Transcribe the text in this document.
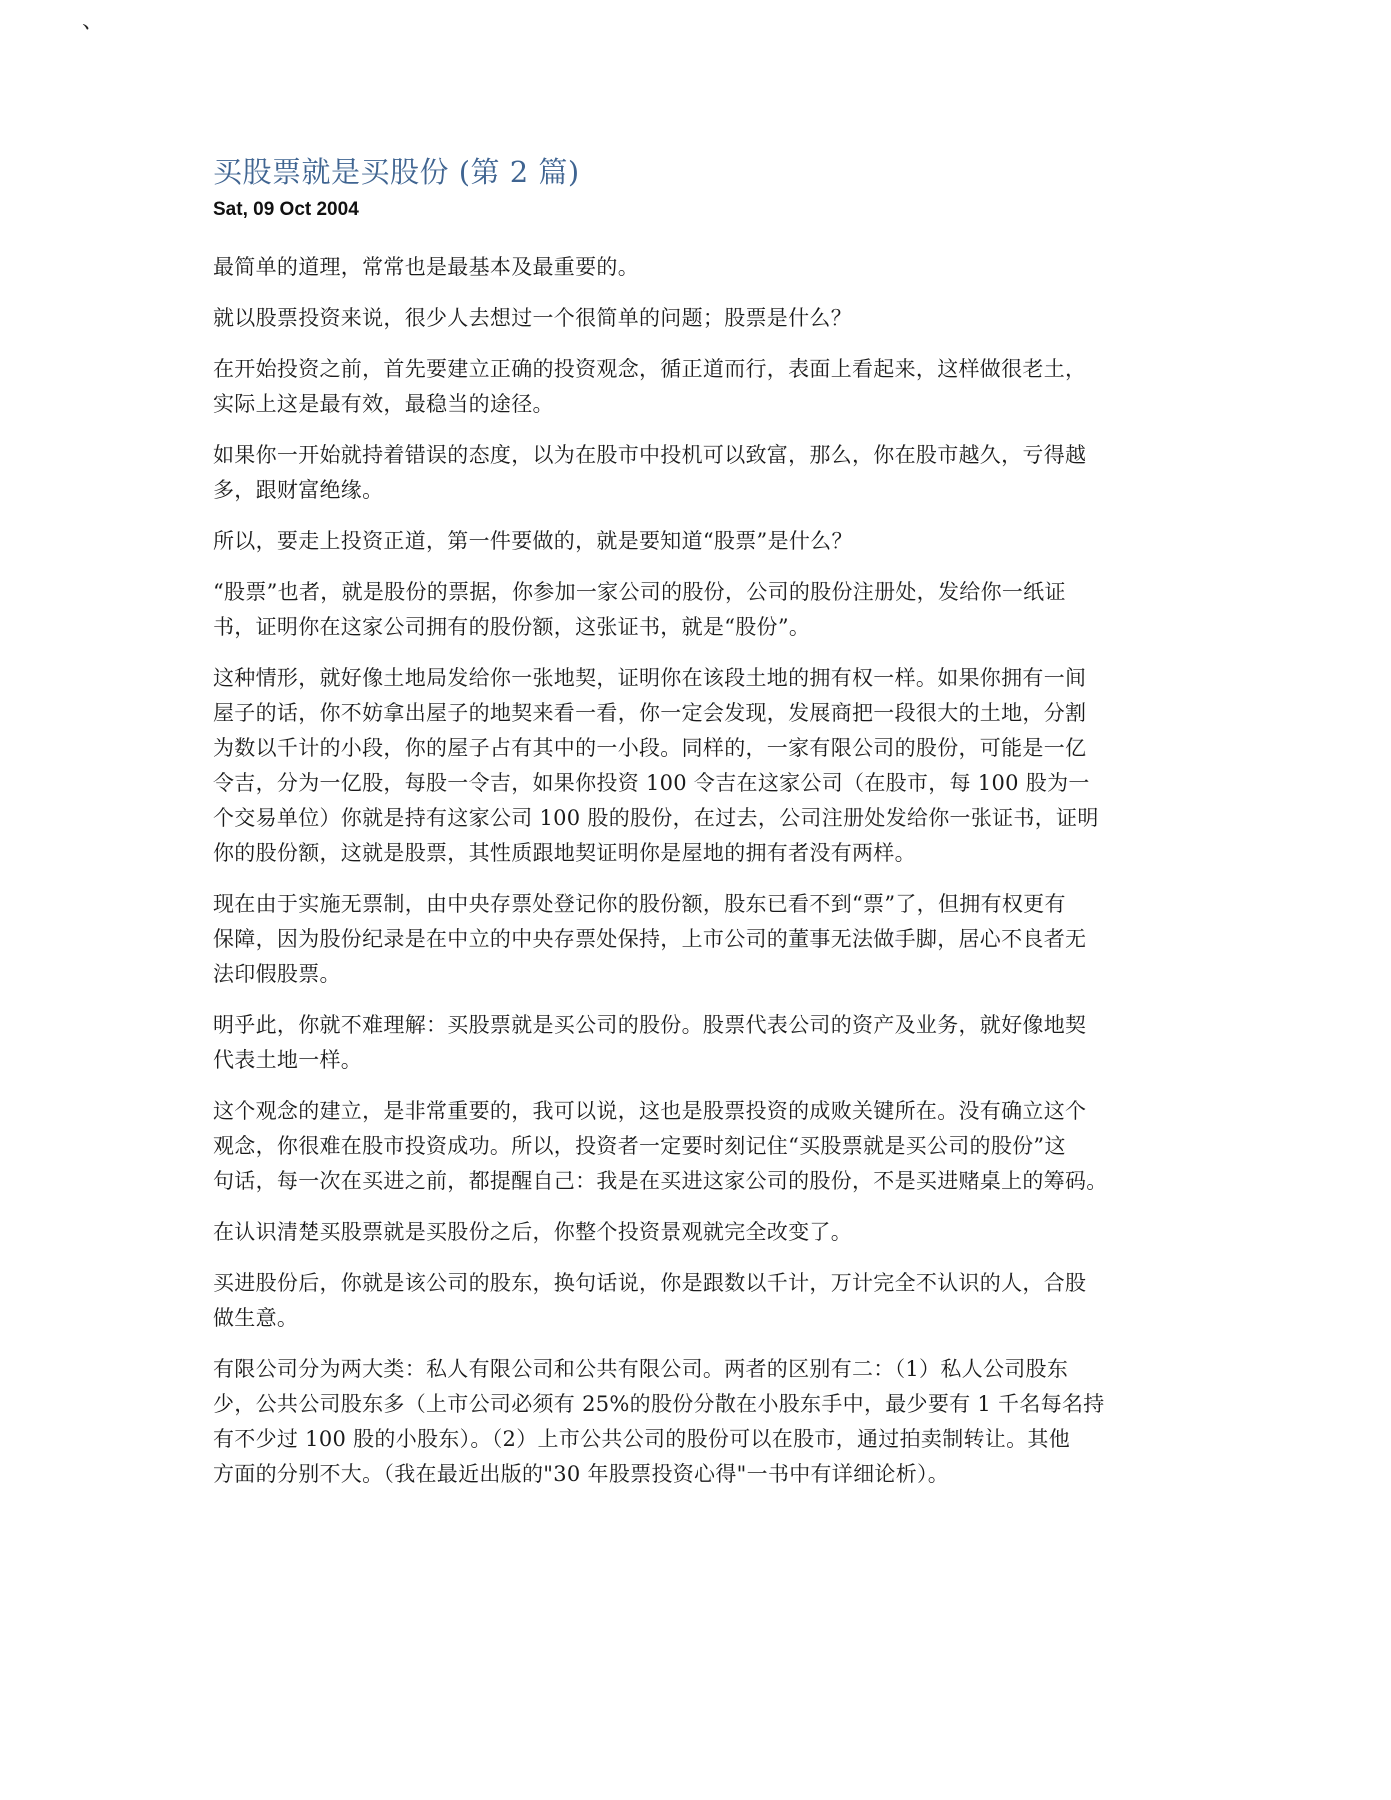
、
买股票就是买股份 (第 2 篇)
Sat, 09 Oct 2004

最简单的道理，常常也是最基本及最重要的。

就以股票投资来说，很少人去想过一个很简单的问题；股票是什么？

在开始投资之前，首先要建立正确的投资观念，循正道而行，表面上看起来，这样做很老土，
实际上这是最有效，最稳当的途径。

如果你一开始就持着错误的态度，以为在股市中投机可以致富，那么，你在股市越久，亏得越
多，跟财富绝缘。

所以，要走上投资正道，第一件要做的，就是要知道“股票”是什么？

“股票”也者，就是股份的票据，你参加一家公司的股份，公司的股份注册处，发给你一纸证
书，证明你在这家公司拥有的股份额，这张证书，就是“股份”。

这种情形，就好像土地局发给你一张地契，证明你在该段土地的拥有权一样。如果你拥有一间
屋子的话，你不妨拿出屋子的地契来看一看，你一定会发现，发展商把一段很大的土地，分割
为数以千计的小段，你的屋子占有其中的一小段。同样的，一家有限公司的股份，可能是一亿
令吉，分为一亿股，每股一令吉，如果你投资 100 令吉在这家公司（在股市，每 100 股为一
个交易单位）你就是持有这家公司 100 股的股份，在过去，公司注册处发给你一张证书，证明
你的股份额，这就是股票，其性质跟地契证明你是屋地的拥有者没有两样。

现在由于实施无票制，由中央存票处登记你的股份额，股东已看不到“票”了，但拥有权更有
保障，因为股份纪录是在中立的中央存票处保持，上市公司的董事无法做手脚，居心不良者无
法印假股票。

明乎此，你就不难理解：买股票就是买公司的股份。股票代表公司的资产及业务，就好像地契
代表土地一样。

这个观念的建立，是非常重要的，我可以说，这也是股票投资的成败关键所在。没有确立这个
观念，你很难在股市投资成功。所以，投资者一定要时刻记住“买股票就是买公司的股份”这
句话，每一次在买进之前，都提醒自己：我是在买进这家公司的股份，不是买进赌桌上的筹码。

在认识清楚买股票就是买股份之后，你整个投资景观就完全改变了。

买进股份后，你就是该公司的股东，换句话说，你是跟数以千计，万计完全不认识的人，合股
做生意。

有限公司分为两大类：私人有限公司和公共有限公司。两者的区别有二：（1）私人公司股东
少，公共公司股东多（上市公司必须有 25%的股份分散在小股东手中，最少要有 1 千名每名持
有不少过 100 股的小股东）。（2）上市公共公司的股份可以在股市，通过拍卖制转让。其他
方面的分别不大。（我在最近出版的"30 年股票投资心得"一书中有详细论析）。
